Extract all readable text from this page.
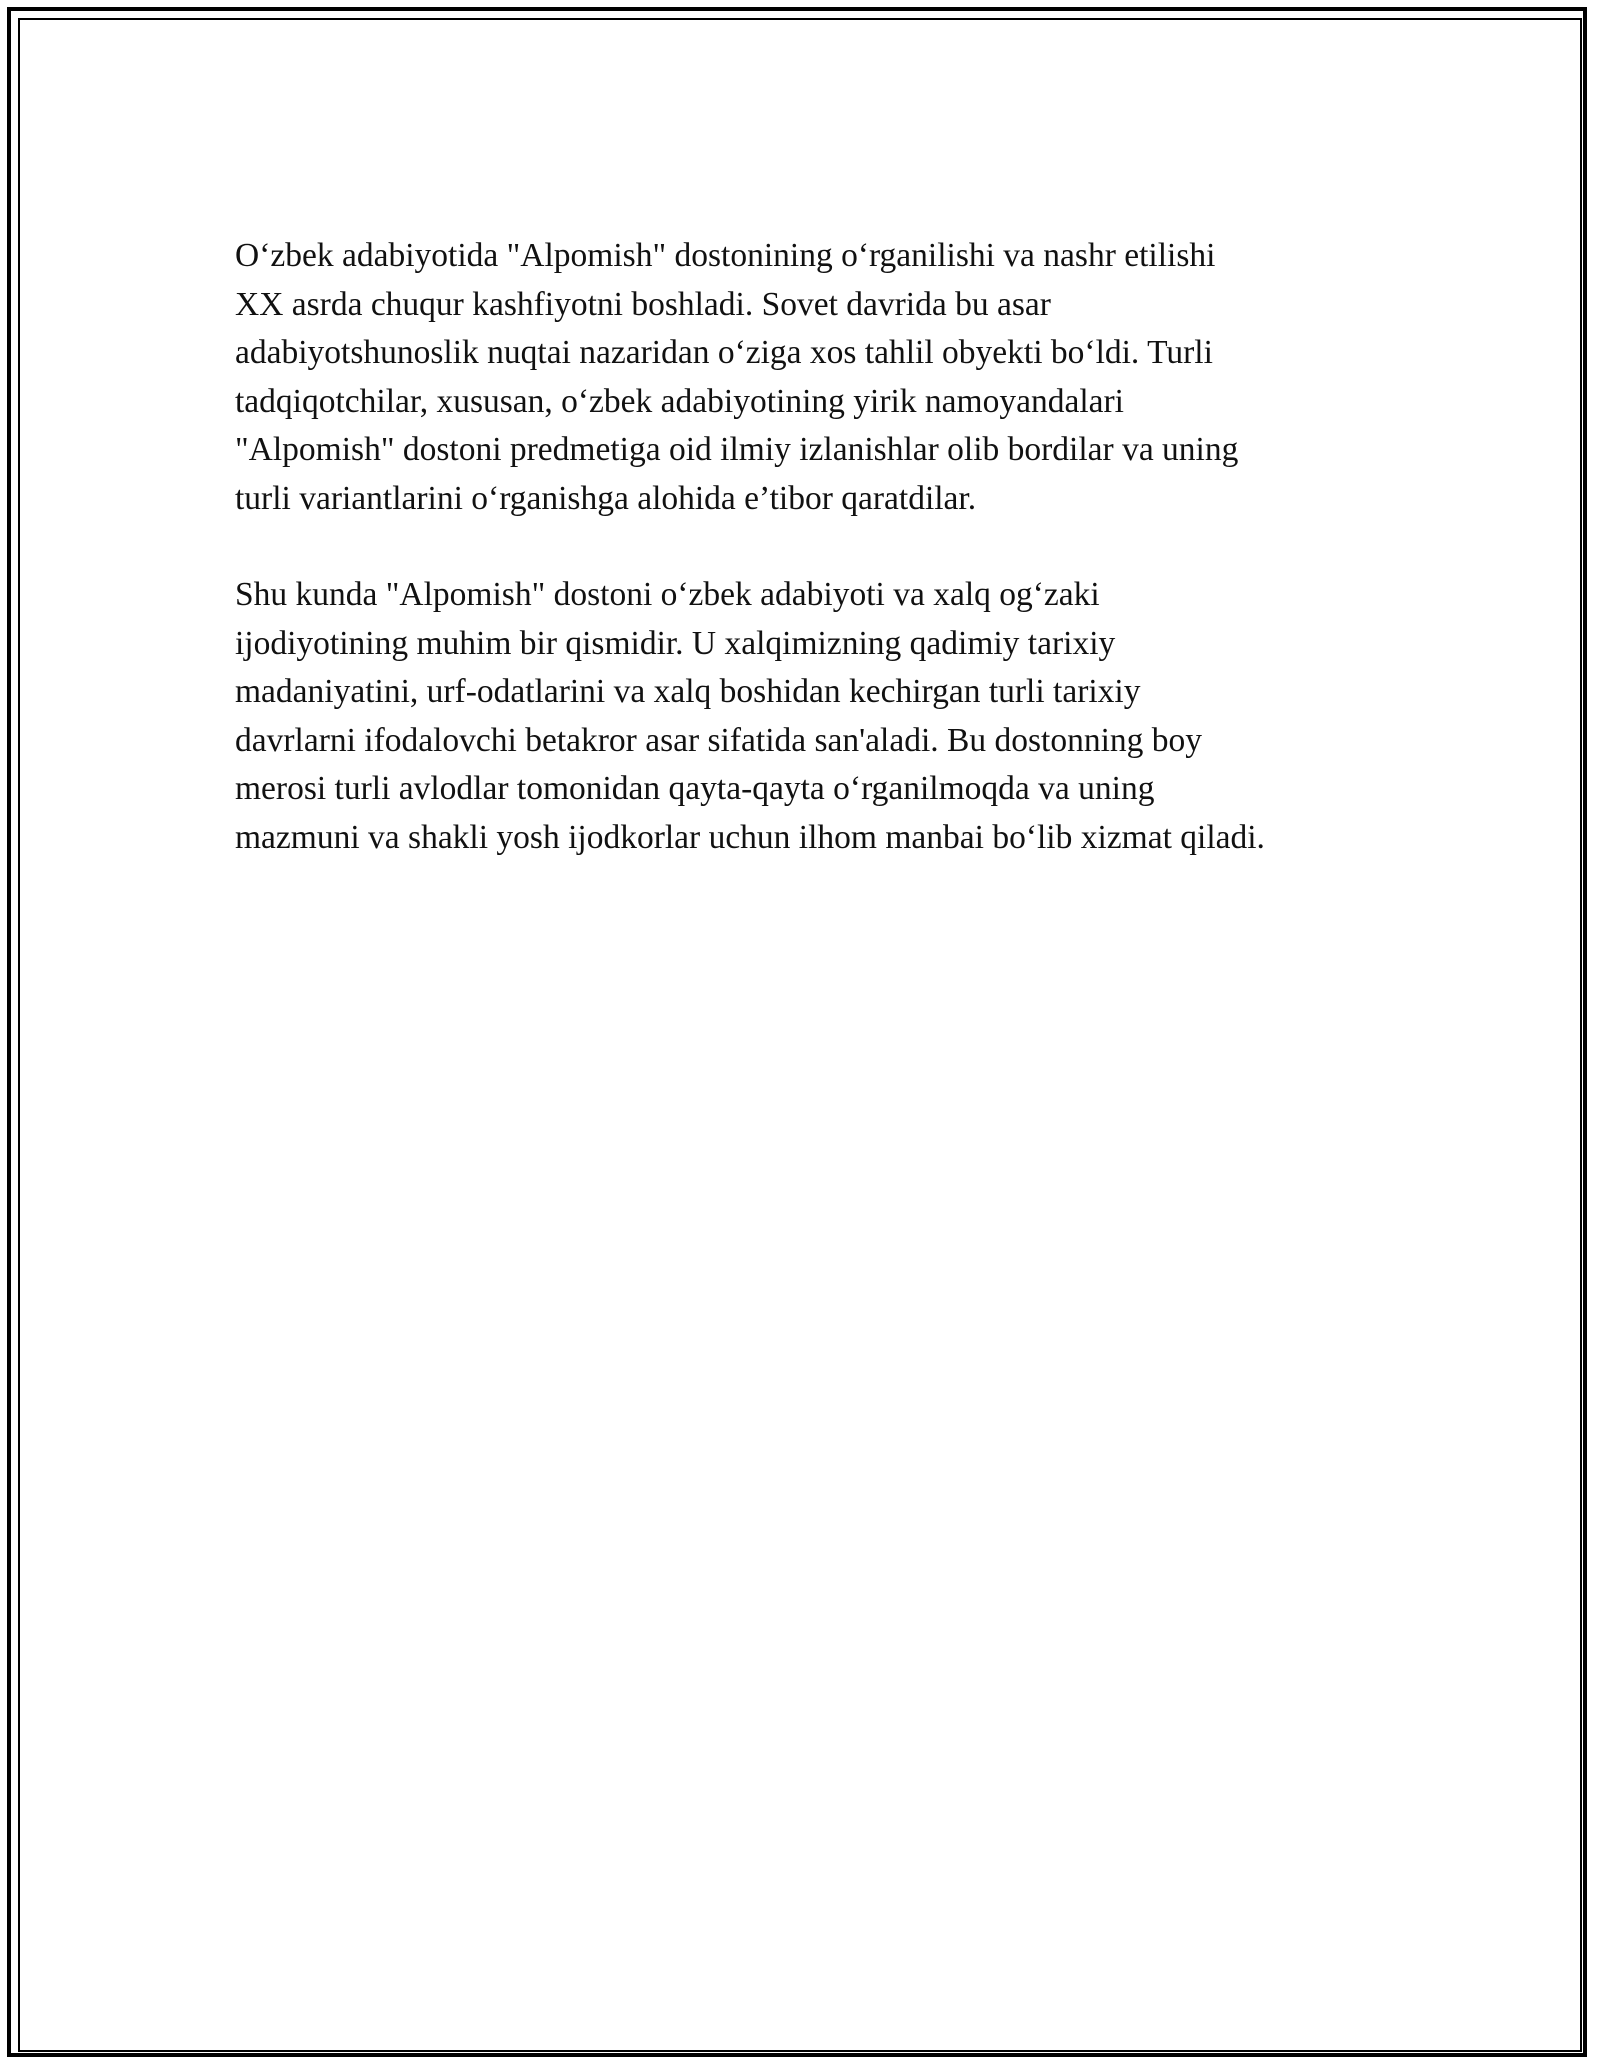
O‘zbek adabiyotida "Alpomish" dostonining o‘rganilishi va nashr etilishi
XX asrda chuqur kashfiyotni boshladi. Sovet davrida bu asar
adabiyotshunoslik nuqtai nazaridan o‘ziga xos tahlil obyekti bo‘ldi. Turli
tadqiqotchilar, xususan, o‘zbek adabiyotining yirik namoyandalari
"Alpomish" dostoni predmetiga oid ilmiy izlanishlar olib bordilar va uning
turli variantlarini o‘rganishga alohida e’tibor qaratdilar.

Shu kunda "Alpomish" dostoni o‘zbek adabiyoti va xalq og‘zaki
ijodiyotining muhim bir qismidir. U xalqimizning qadimiy tarixiy
madaniyatini, urf-odatlarini va xalq boshidan kechirgan turli tarixiy
davrlarni ifodalovchi betakror asar sifatida san'aladi. Bu dostonning boy
merosi turli avlodlar tomonidan qayta-qayta o‘rganilmoqda va uning
mazmuni va shakli yosh ijodkorlar uchun ilhom manbai bo‘lib xizmat qiladi.
